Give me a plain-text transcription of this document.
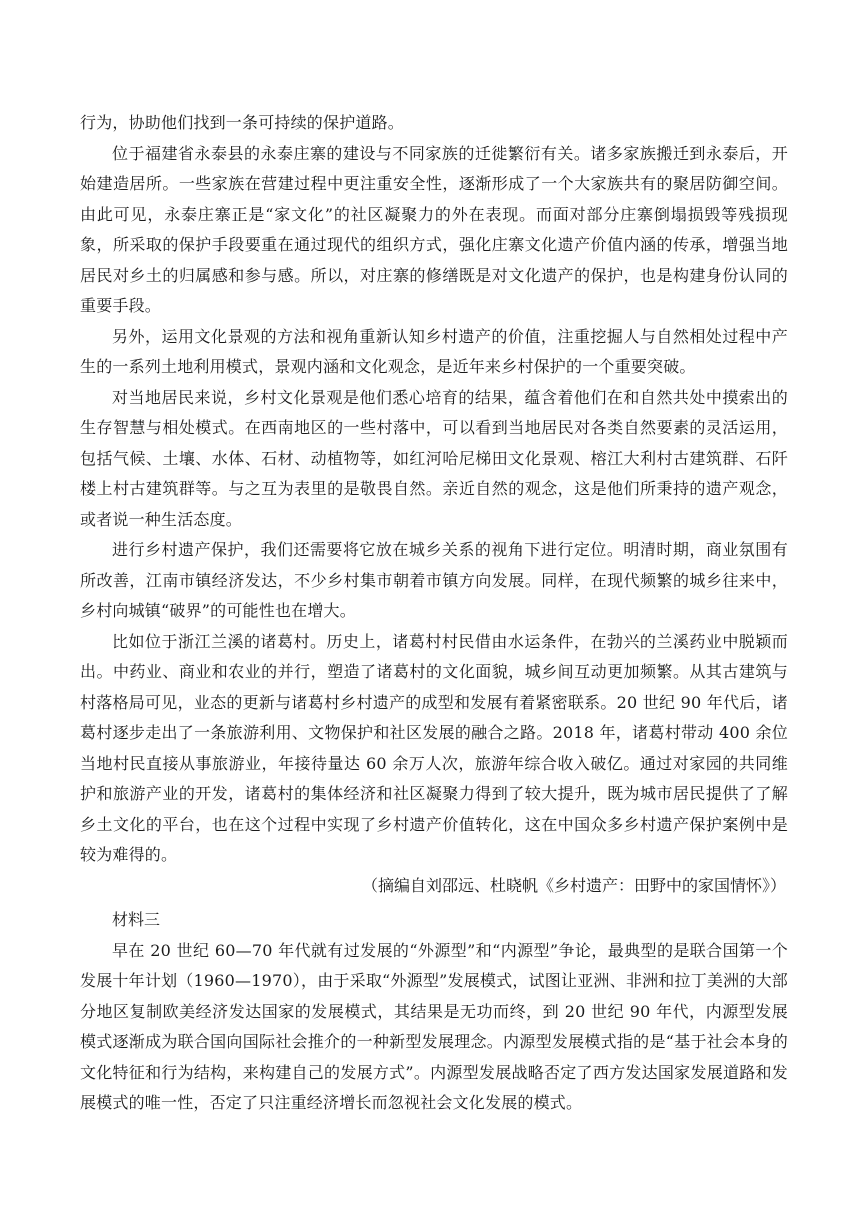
行为，协助他们找到一条可持续的保护道路。

位于福建省永泰县的永泰庄寨的建设与不同家族的迁徙繁衍有关。诸多家族搬迁到永泰后，开始建造居所。一些家族在营建过程中更注重安全性，逐渐形成了一个大家族共有的聚居防御空间。由此可见，永泰庄寨正是“家文化”的社区凝聚力的外在表现。而面对部分庄寨倒塌损毁等残损现象，所采取的保护手段要重在通过现代的组织方式，强化庄寨文化遗产价值内涵的传承，增强当地居民对乡土的归属感和参与感。所以，对庄寨的修缮既是对文化遗产的保护，也是构建身份认同的重要手段。

另外，运用文化景观的方法和视角重新认知乡村遗产的价值，注重挖掘人与自然相处过程中产生的一系列土地利用模式，景观内涵和文化观念，是近年来乡村保护的一个重要突破。

对当地居民来说，乡村文化景观是他们悉心培育的结果，蕴含着他们在和自然共处中摸索出的生存智慧与相处模式。在西南地区的一些村落中，可以看到当地居民对各类自然要素的灵活运用，包括气候、土壤、水体、石材、动植物等，如红河哈尼梯田文化景观、榕江大利村古建筑群、石阡楼上村古建筑群等。与之互为表里的是敬畏自然。亲近自然的观念，这是他们所秉持的遗产观念，或者说一种生活态度。

进行乡村遗产保护，我们还需要将它放在城乡关系的视角下进行定位。明清时期，商业氛围有所改善，江南市镇经济发达，不少乡村集市朝着市镇方向发展。同样，在现代频繁的城乡往来中，乡村向城镇“破界”的可能性也在增大。

比如位于浙江兰溪的诸葛村。历史上，诸葛村村民借由水运条件，在勃兴的兰溪药业中脱颖而出。中药业、商业和农业的并行，塑造了诸葛村的文化面貌，城乡间互动更加频繁。从其古建筑与村落格局可见，业态的更新与诸葛村乡村遗产的成型和发展有着紧密联系。20 世纪 90 年代后，诸葛村逐步走出了一条旅游利用、文物保护和社区发展的融合之路。2018 年，诸葛村带动 400 余位当地村民直接从事旅游业，年接待量达 60 余万人次，旅游年综合收入破亿。通过对家园的共同维护和旅游产业的开发，诸葛村的集体经济和社区凝聚力得到了较大提升，既为城市居民提供了了解乡土文化的平台，也在这个过程中实现了乡村遗产价值转化，这在中国众多乡村遗产保护案例中是较为难得的。

（摘编自刘邵远、杜晓帆《乡村遗产：田野中的家国情怀》）

材料三

早在 20 世纪 60—70 年代就有过发展的“外源型”和“内源型”争论，最典型的是联合国第一个发展十年计划（1960—1970），由于采取“外源型”发展模式，试图让亚洲、非洲和拉丁美洲的大部分地区复制欧美经济发达国家的发展模式，其结果是无功而终，到 20 世纪 90 年代，内源型发展模式逐渐成为联合国向国际社会推介的一种新型发展理念。内源型发展模式指的是“基于社会本身的文化特征和行为结构，来构建自己的发展方式”。内源型发展战略否定了西方发达国家发展道路和发展模式的唯一性，否定了只注重经济增长而忽视社会文化发展的模式。
